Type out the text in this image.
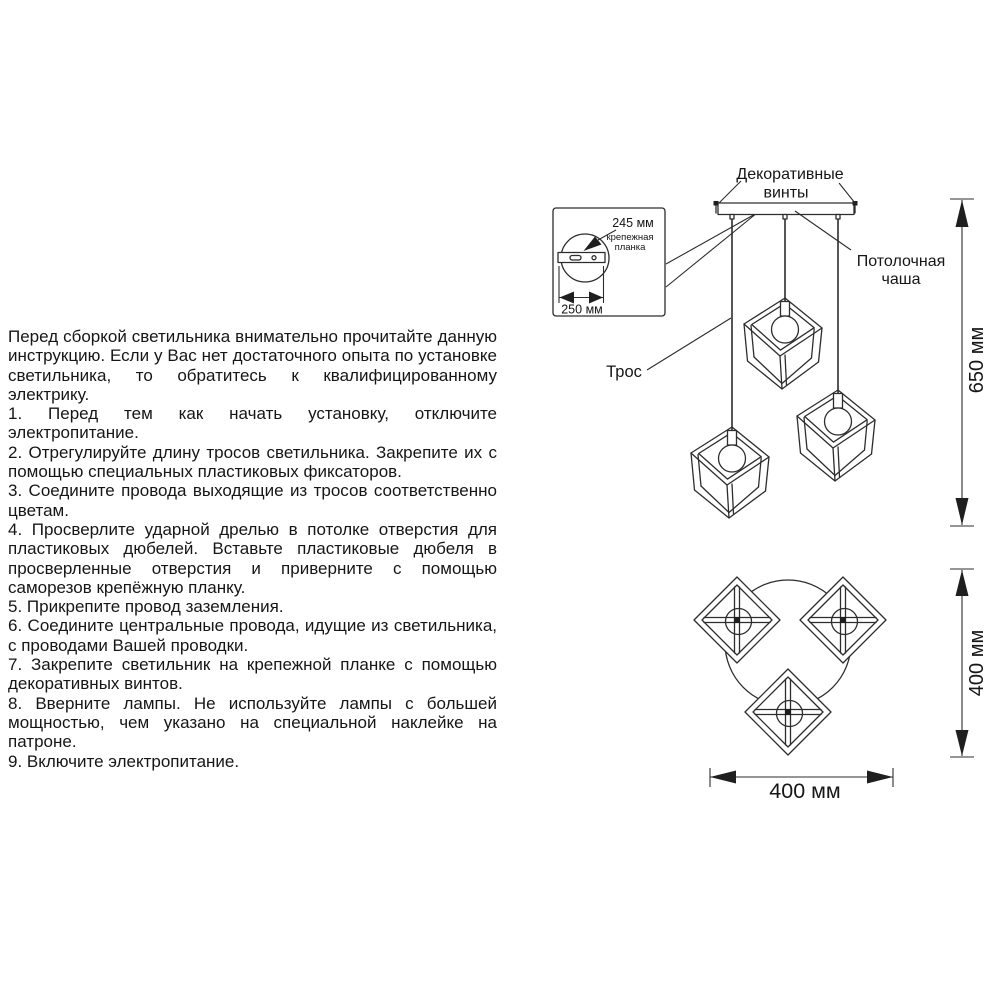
Перед сборкой светильника внимательно прочитайте данную инструкцию. Если у Вас нет достаточного опыта по установке светильника, то обратитесь к квалифицированному электрику.

1. Перед тем как начать установку, отключите электропитание.

2. Отрегулируйте длину тросов светильника. Закрепите их с помощью специальных пластиковых фиксаторов.

3. Соедините провода выходящие из тросов соответственно цветам.

4. Просверлите ударной дрелью в потолке отверстия для пластиковых дюбелей. Вставьте пластиковые дюбеля в просверленные отверстия и приверните с помощью саморезов крепёжную планку.

5. Прикрепите провод заземления.

6. Соедините центральные провода, идущие из светильника, с проводами Вашей проводки.

7. Закрепите светильник на крепежной планке с помощью декоративных винтов.

8. Вверните лампы. Не используйте лампы с большей мощностью, чем указано на специальной наклейке на патроне.

9. Включите электропитание.

245 мм
крепежная
планка
250 мм
Декоративные
винты
Потолочная
чаша
Трос	650 мм
400 мм
400 мм
